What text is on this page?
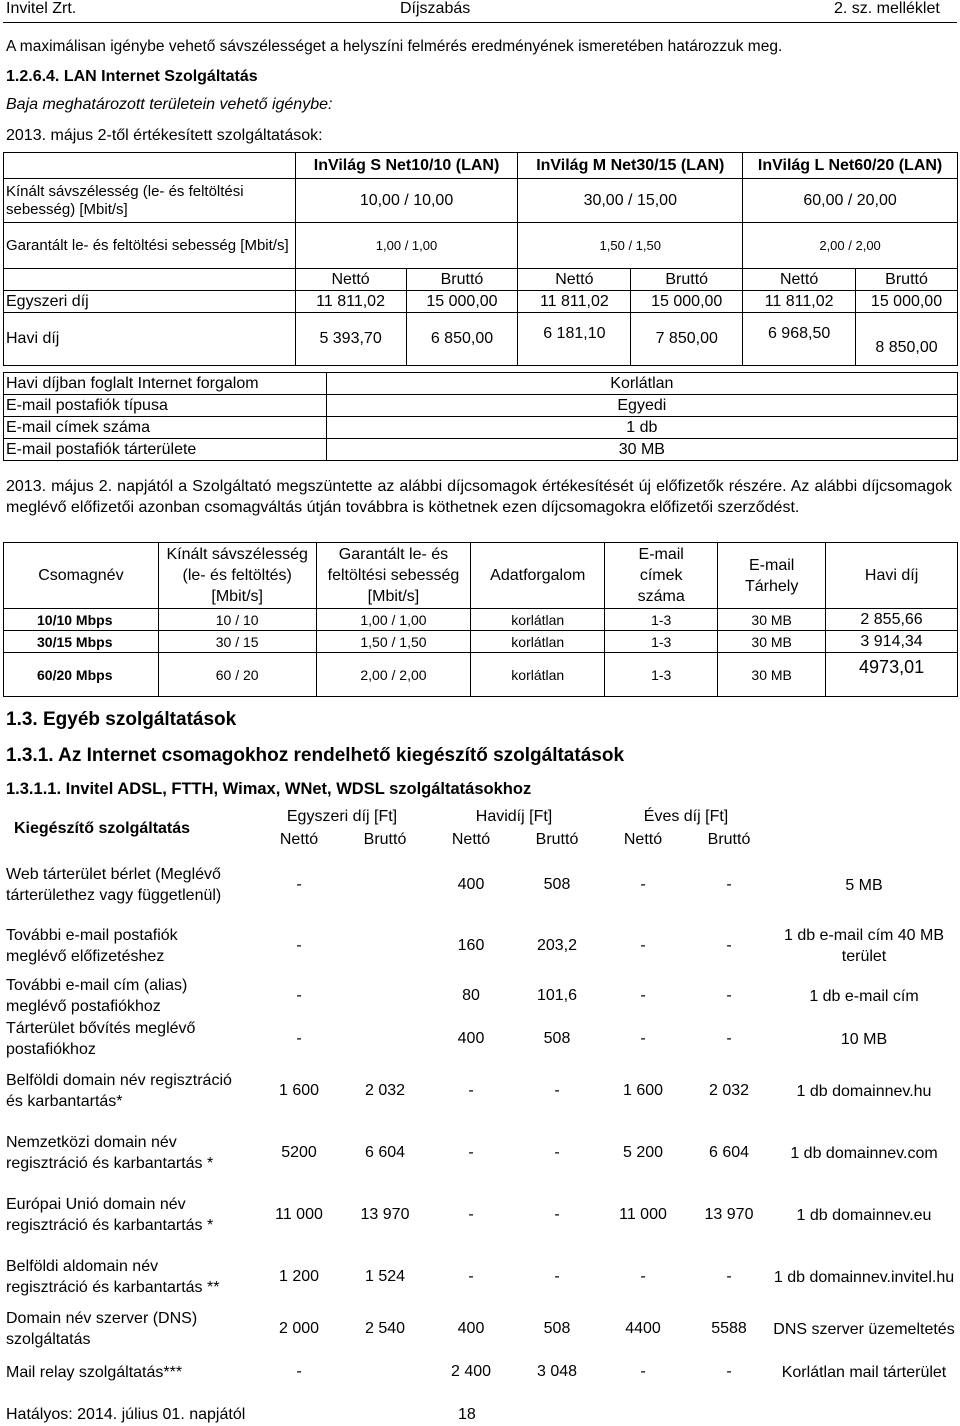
Invitel Zrt.	Díjszabás	2. sz. melléklet
A maximálisan igénybe vehető sávszélességet a helyszíni felmérés eredményének ismeretében határozzuk meg.
1.2.6.4. LAN Internet Szolgáltatás
Baja meghatározott területein vehető igénybe:
2013. május 2-től értékesített szolgáltatások:
	InVilág S Net10/10 (LAN)		InVilág M Net30/15 (LAN)		InVilág L Net60/20 (LAN)	
Kínált sávszélesség (le- és feltöltési sebesség) [Mbit/s]	10,00 / 10,00		30,00 / 15,00		60,00 / 20,00	
Garantált le- és feltöltési sebesség [Mbit/s]	1,00 / 1,00		1,50 / 1,50		2,00 / 2,00	
	Nettó	Bruttó	Nettó	Bruttó	Nettó	Bruttó
Egyszeri díj	11 811,02	15 000,00	11 811,02	15 000,00	11 811,02	15 000,00
Havi díj	5 393,70	6 850,00	6 181,10	7 850,00	6 968,50	8 850,00
Havi díjban foglalt Internet forgalom	Korlátlan
E-mail postafiók típusa	Egyedi
E-mail címek száma	1 db
E-mail postafiók tárterülete	30 MB
2013. május 2. napjától a Szolgáltató megszüntette az alábbi díjcsomagok értékesítését új előfizetők részére. Az alábbi díjcsomagok meglévő előfizetői azonban csomagváltás útján továbbra is köthetnek ezen díjcsomagokra előfizetői szerződést.
Csomagnév	Kínált sávszélesség (le- és feltöltés) [Mbit/s]	Garantált le- és feltöltési sebesség [Mbit/s]	Adatforgalom	E-mail címek száma	E-mail Tárhely	Havi díj
10/10 Mbps	10 / 10	1,00 / 1,00	korlátlan	1-3	30 MB	2 855,66
30/15 Mbps	30 / 15	1,50 / 1,50	korlátlan	1-3	30 MB	3 914,34
60/20 Mbps	60 / 20	2,00 / 2,00	korlátlan	1-3	30 MB	4973,01
1.3. Egyéb szolgáltatások
1.3.1. Az Internet csomagokhoz rendelhető kiegészítő szolgáltatások
1.3.1.1. Invitel ADSL, FTTH, Wimax, WNet, WDSL szolgáltatásokhoz
Kiegészítő szolgáltatás	Egyszeri díj [Ft]		Havidíj [Ft]		Éves díj [Ft]		
	Nettó	Bruttó	Nettó	Bruttó	Nettó	Bruttó	
Web tárterület bérlet (Meglévő tárterülethez vagy függetlenül)	-		400	508	-	-	5 MB
További e-mail postafiók meglévő előfizetéshez	-		160	203,2	-	-	1 db e-mail cím 40 MB terület
További e-mail cím (alias) meglévő postafiókhoz	-		80	101,6	-	-	1 db e-mail cím
Tárterület bővítés meglévő postafiókhoz	-		400	508	-	-	10 MB
Belföldi domain név regisztráció és karbantartás*	1 600	2 032	-	-	1 600	2 032	1 db domainnev.hu
Nemzetközi domain név regisztráció és karbantartás *	5200	6 604	-	-	5 200	6 604	1 db domainnev.com
Európai Unió domain név regisztráció és karbantartás *	11 000	13 970	-	-	11 000	13 970	1 db domainnev.eu
Belföldi aldomain név regisztráció és karbantartás **	1 200	1 524	-	-	-	-	1 db domainnev.invitel.hu
Domain név szerver (DNS) szolgáltatás	2 000	2 540	400	508	4400	5588	DNS szerver üzemeltetés
Mail relay szolgáltatás***	-		2 400	3 048	-	-	Korlátlan mail tárterület
Hatályos: 2014. július 01. napjától	18
